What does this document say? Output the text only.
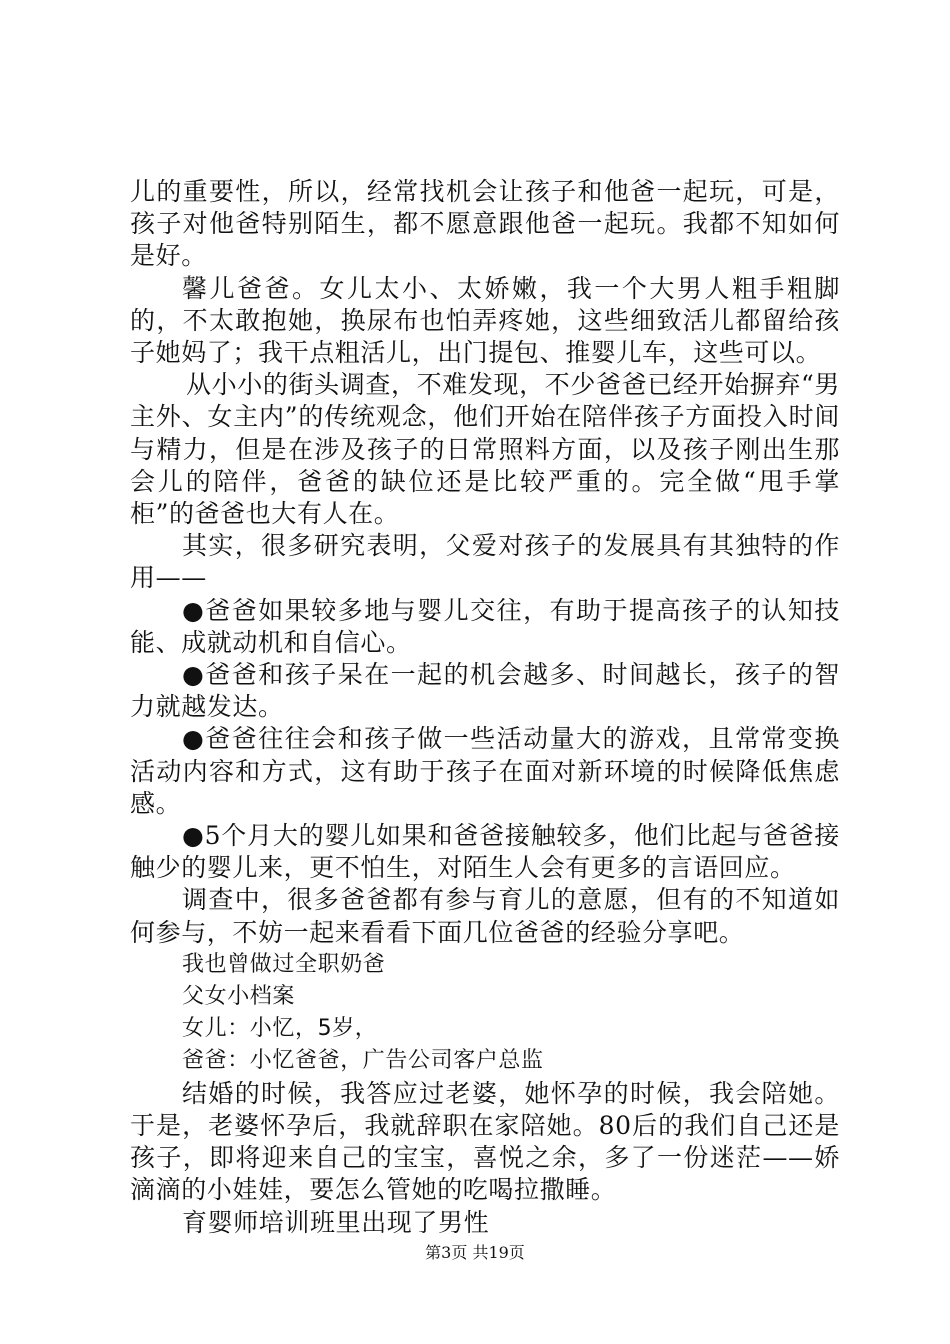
儿的重要性，所以，经常找机会让孩子和他爸一起玩，可是，孩子对他爸特别陌生，都不愿意跟他爸一起玩。我都不知如何是好。

馨儿爸爸。女儿太小、太娇嫩，我一个大男人粗手粗脚的，不太敢抱她，换尿布也怕弄疼她，这些细致活儿都留给孩子她妈了；我干点粗活儿，出门提包、推婴儿车，这些可以。

从小小的街头调查，不难发现，不少爸爸已经开始摒弃“男主外、女主内”的传统观念，他们开始在陪伴孩子方面投入时间与精力，但是在涉及孩子的日常照料方面，以及孩子刚出生那会儿的陪伴，爸爸的缺位还是比较严重的。完全做“甩手掌柜”的爸爸也大有人在。

其实，很多研究表明，父爱对孩子的发展具有其独特的作用——

●爸爸如果较多地与婴儿交往，有助于提高孩子的认知技能、成就动机和自信心。

●爸爸和孩子呆在一起的机会越多、时间越长，孩子的智力就越发达。

●爸爸往往会和孩子做一些活动量大的游戏，且常常变换活动内容和方式，这有助于孩子在面对新环境的时候降低焦虑感。

●5个月大的婴儿如果和爸爸接触较多，他们比起与爸爸接触少的婴儿来，更不怕生，对陌生人会有更多的言语回应。

调查中，很多爸爸都有参与育儿的意愿，但有的不知道如何参与，不妨一起来看看下面几位爸爸的经验分享吧。

我也曾做过全职奶爸

父女小档案

女儿：小忆，5岁，

爸爸：小忆爸爸，广告公司客户总监

结婚的时候，我答应过老婆，她怀孕的时候，我会陪她。于是，老婆怀孕后，我就辞职在家陪她。80后的我们自己还是孩子，即将迎来自己的宝宝，喜悦之余，多了一份迷茫——娇滴滴的小娃娃，要怎么管她的吃喝拉撒睡。

育婴师培训班里出现了男性

第3页 共19页
